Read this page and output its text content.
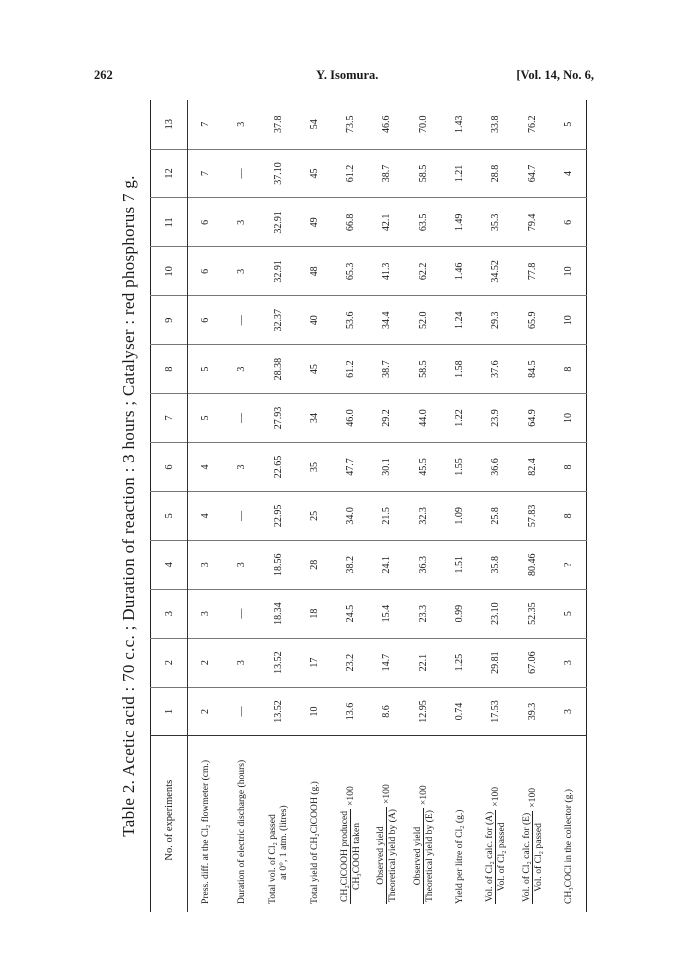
262	Y. Isomura.	[Vol. 14, No. 6,
Table 2. Acetic acid : 70 c.c. ; Duration of reaction : 3 hours ; Catalyser : red phosphorus 7 g.	No. of experiments	1	2	3	4	5	6	7	8	9	10	11	12	13
Press. diff. at the Cl₂ flowmeter (cm.)	2	2	3	3	4	4	5	5	6	6	6	7	7
Duration of electric discharge (hours)	—	3	—	3	—	3	—	3	—	3	3	—	3
Total vol. of Cl₂ passed at 0°, 1 atm. (litres)	13.52	13.52	18.34	18.56	22.95	22.65	27.93	28.38	32.37	32.91	32.91	37.10	37.8
Total yield of CH₂ClCOOH (g.)	10	17	18	28	25	35	34	45	40	48	49	45	54

CH₂ClCOOH produced CH₃COOH taken
×100	13.6	23.2	24.5	38.2	34.0	47.7	46.0	61.2	53.6	65.3	66.8	61.2	73.5

Observed yield Theoretical yield by (A)
×100	8.6	14.7	15.4	24.1	21.5	30.1	29.2	38.7	34.4	41.3	42.1	38.7	46.6

Observed yield Theoretical yield by (E)
×100	12.95	22.1	23.3	36.3	32.3	45.5	44.0	58.5	52.0	62.2	63.5	58.5	70.0
Yield per litre of Cl₂ (g.)	0.74	1.25	0.99	1.51	1.09	1.55	1.22	1.58	1.24	1.46	1.49	1.21	1.43

Vol. of Cl₂ calc. for (A) Vol. of Cl₂ passed
×100	17.53	29.81	23.10	35.8	25.8	36.6	23.9	37.6	29.3	34.52	35.3	28.8	33.8

Vol. of Cl₂ calc. for (E) Vol. of Cl₂ passed
×100	39.3	67.06	52.35	80.46	57.83	82.4	64.9	84.5	65.9	77.8	79.4	64.7	76.2
CH₃COCl in the collector (g.)	3	3	5	?	8	8	10	8	10	10	6	4	5
